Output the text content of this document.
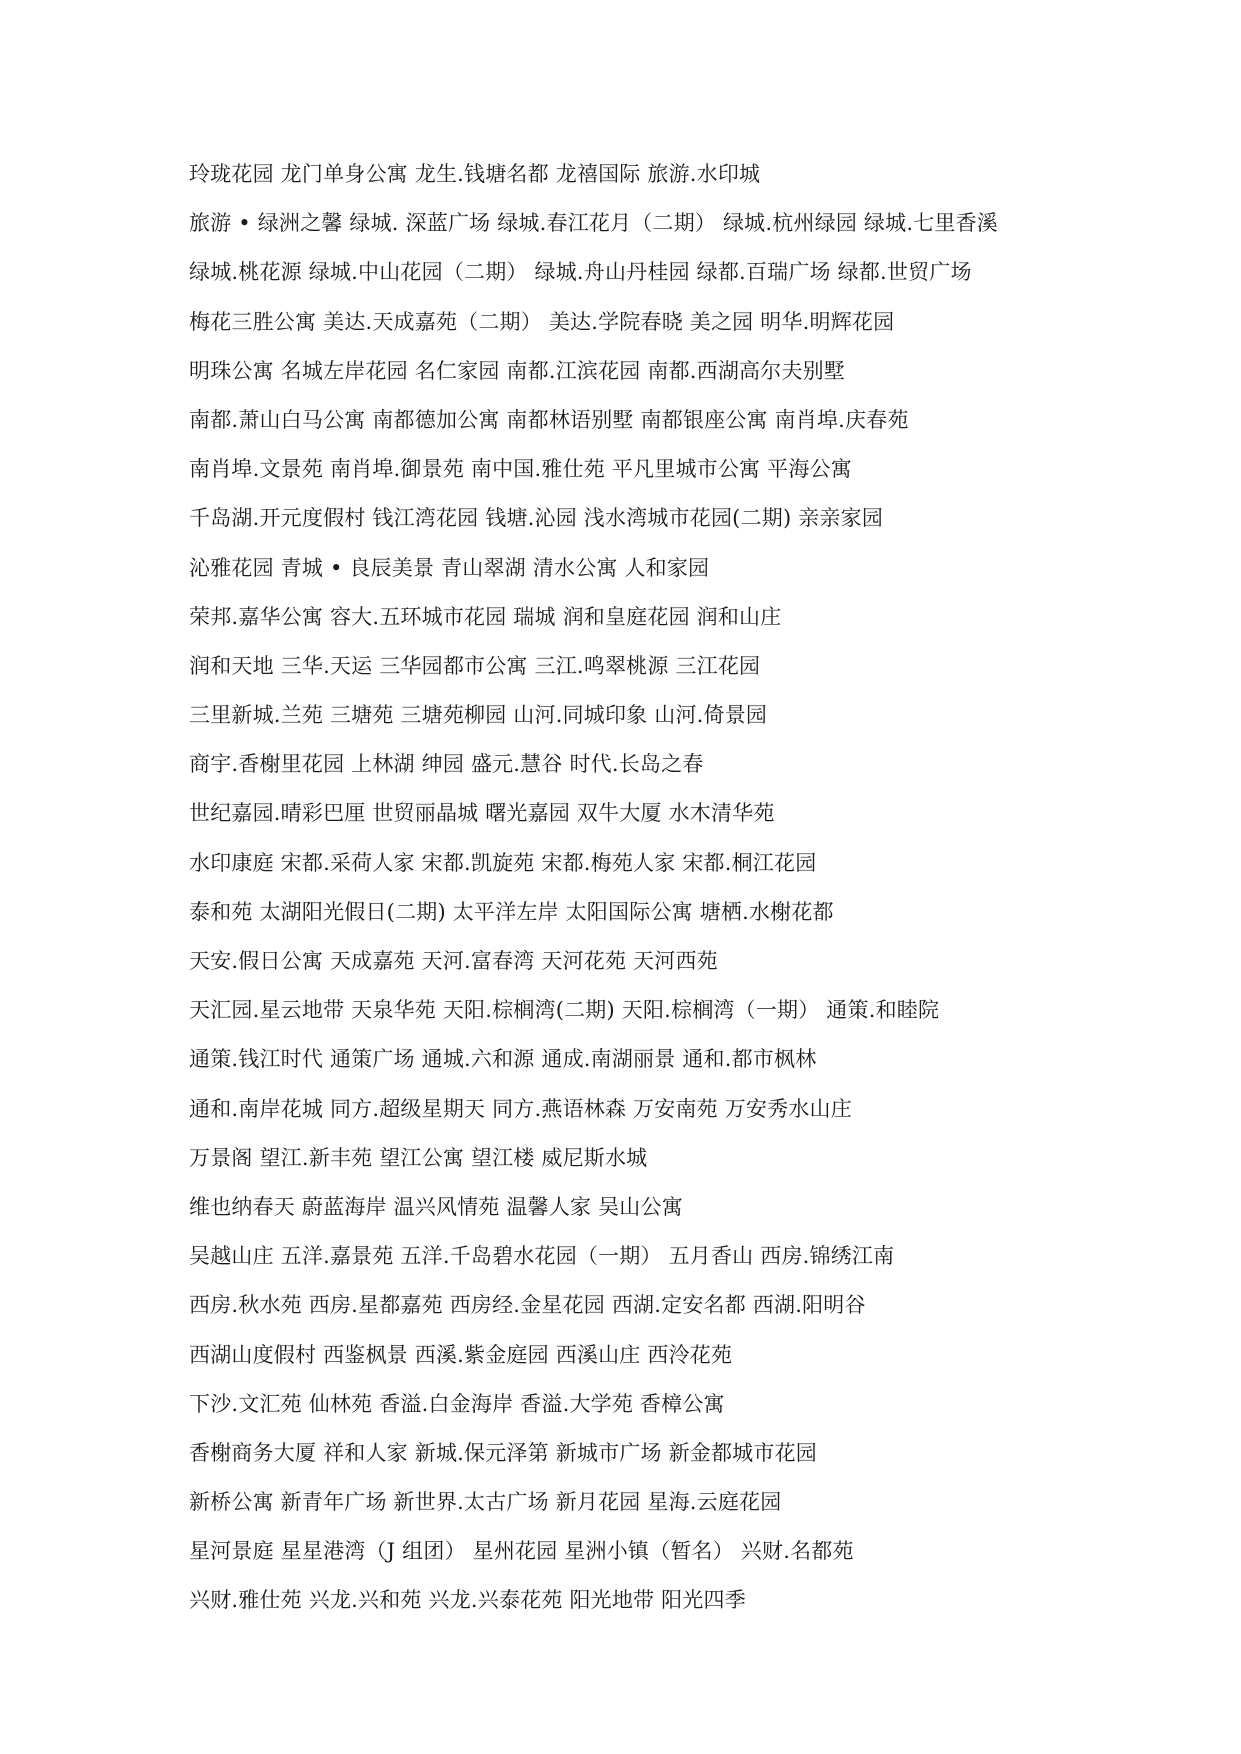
玲珑花园 龙门单身公寓 龙生.钱塘名都 龙禧国际 旅游.水印城
旅游 • 绿洲之馨 绿城. 深蓝广场 绿城.春江花月（二期） 绿城.杭州绿园 绿城.七里香溪
绿城.桃花源 绿城.中山花园（二期） 绿城.舟山丹桂园 绿都.百瑞广场 绿都.世贸广场
梅花三胜公寓 美达.天成嘉苑（二期） 美达.学院春晓 美之园 明华.明辉花园
明珠公寓 名城左岸花园 名仁家园 南都.江滨花园 南都.西湖高尔夫别墅
南都.萧山白马公寓 南都德加公寓 南都林语别墅 南都银座公寓 南肖埠.庆春苑
南肖埠.文景苑 南肖埠.御景苑 南中国.雅仕苑 平凡里城市公寓 平海公寓
千岛湖.开元度假村 钱江湾花园 钱塘.沁园 浅水湾城市花园(二期) 亲亲家园
沁雅花园 青城 • 良辰美景 青山翠湖 清水公寓 人和家园
荣邦.嘉华公寓 容大.五环城市花园 瑞城 润和皇庭花园 润和山庄
润和天地 三华.天运 三华园都市公寓 三江.鸣翠桃源 三江花园
三里新城.兰苑 三塘苑 三塘苑柳园 山河.同城印象 山河.倚景园
商宇.香榭里花园 上林湖 绅园 盛元.慧谷 时代.长岛之春
世纪嘉园.晴彩巴厘 世贸丽晶城 曙光嘉园 双牛大厦 水木清华苑
水印康庭 宋都.采荷人家 宋都.凯旋苑 宋都.梅苑人家 宋都.桐江花园
泰和苑 太湖阳光假日(二期) 太平洋左岸 太阳国际公寓 塘栖.水榭花都
天安.假日公寓 天成嘉苑 天河.富春湾 天河花苑 天河西苑
天汇园.星云地带 天泉华苑 天阳.棕榈湾(二期) 天阳.棕榈湾（一期） 通策.和睦院
通策.钱江时代 通策广场 通城.六和源 通成.南湖丽景 通和.都市枫林
通和.南岸花城 同方.超级星期天 同方.燕语林森 万安南苑 万安秀水山庄
万景阁 望江.新丰苑 望江公寓 望江楼 威尼斯水城
维也纳春天 蔚蓝海岸 温兴风情苑 温馨人家 吴山公寓
吴越山庄 五洋.嘉景苑 五洋.千岛碧水花园（一期） 五月香山 西房.锦绣江南
西房.秋水苑 西房.星都嘉苑 西房经.金星花园 西湖.定安名都 西湖.阳明谷
西湖山度假村 西鉴枫景 西溪.紫金庭园 西溪山庄 西泠花苑
下沙.文汇苑 仙林苑 香溢.白金海岸 香溢.大学苑 香樟公寓
香榭商务大厦 祥和人家 新城.保元泽第 新城市广场 新金都城市花园
新桥公寓 新青年广场 新世界.太古广场 新月花园 星海.云庭花园
星河景庭 星星港湾（J 组团） 星州花园 星洲小镇（暂名） 兴财.名都苑
兴财.雅仕苑 兴龙.兴和苑 兴龙.兴泰花苑 阳光地带 阳光四季
